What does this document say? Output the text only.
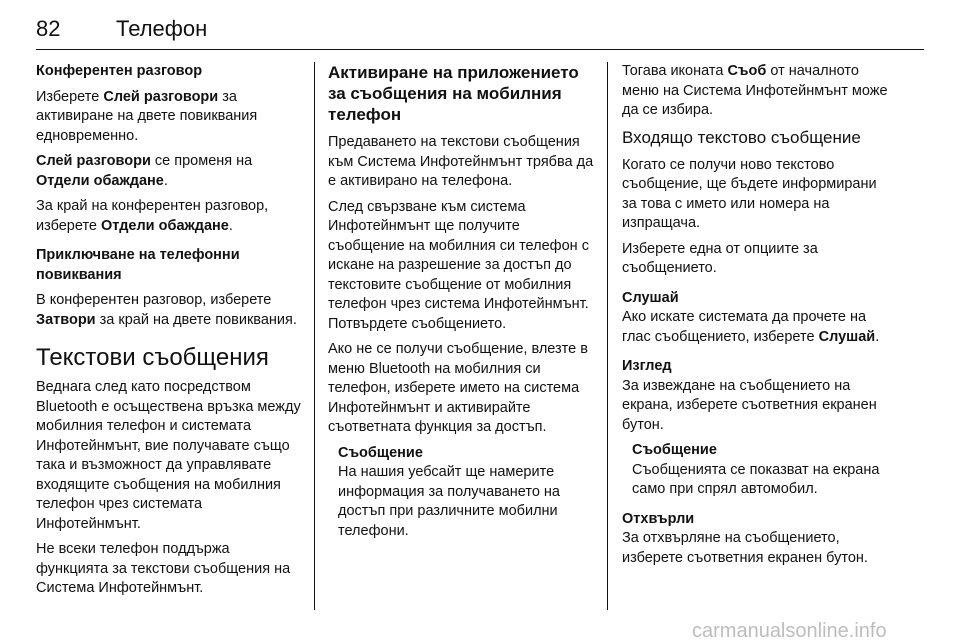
82	Телефон

Конферентен разговор

Изберете Слей разговори за активиране на двете повиквания едновременно.

Слей разговори се променя на Отдели обаждане.

За край на конферентен разговор, изберете Отдели обаждане.

Приключване на телефонни повиквания

В конферентен разговор, изберете Затвори за край на двете повиквания.

Текстови съобщения

Веднага след като посредством Bluetooth е осъществена връзка между мобилния телефон и системата Инфотейнмънт, вие получавате също така и възможност да управлявате входящите съобщения на мобилния телефон чрез системата Инфотейнмънт.

Не всеки телефон поддържа функцията за текстови съобщения на Система Инфотейнмънт.

Активиране на приложението за съобщения на мобилния телефон

Предаването на текстови съобщения към Система Инфотейнмънт трябва да е активирано на телефона.

След свързване към система Инфотейнмънт ще получите съобщение на мобилния си телефон с искане на разрешение за достъп до текстовите съобщение от мобилния телефон чрез система Инфотейнмънт. Потвърдете съобщението.

Ако не се получи съобщение, влезте в меню Bluetooth на мобилния си телефон, изберете името на система Инфотейнмънт и активирайте съответната функция за достъп.

Съобщение

На нашия уебсайт ще намерите информация за получаването на достъп при различните мобилни телефони.

Тогава иконата Съоб от началното меню на Система Инфотейнмънт може да се избира.

Входящо текстово съобщение

Когато се получи ново текстово съобщение, ще бъдете информирани за това с името или номера на изпращача.

Изберете една от опциите за съобщението.

Слушай

Ако искате системата да прочете на глас съобщението, изберете Слушай.

Изглед

За извеждане на съобщението на екрана, изберете съответния екранен бутон.

Съобщение

Съобщенията се показват на екрана само при спрял автомобил.

Отхвърли

За отхвърляне на съобщението, изберете съответния екранен бутон.

carmanualsonline.info
